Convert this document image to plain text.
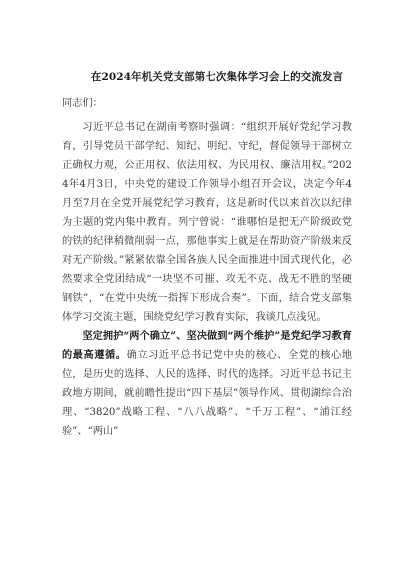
在2024年机关党支部第七次集体学习会上的交流发言

同志们：

习近平总书记在湖南考察时强调：“组织开展好党纪学习教育，引导党员干部学纪、知纪、明纪、守纪，督促领导干部树立正确权力观，公正用权、依法用权、为民用权、廉洁用权。”2024年4月3日，中央党的建设工作领导小组召开会议，决定今年4月至7月在全党开展党纪学习教育，这是新时代以来首次以纪律为主题的党内集中教育。列宁曾说：“谁哪怕是把无产阶级政党的铁的纪律稍微削弱一点，那他事实上就是在帮助资产阶级来反对无产阶级。”紧紧依靠全国各族人民全面推进中国式现代化，必然要求全党团结成“一块坚不可摧、攻无不克、战无不胜的坚硬钢铁”，“在党中央统一指挥下形成合奏”。下面，结合党支部集体学习交流主题，围绕党纪学习教育实际，我谈几点浅见。

坚定拥护“两个确立”、坚决做到“两个维护”是党纪学习教育的最高遵循。确立习近平总书记党中央的核心、全党的核心地位，是历史的选择、人民的选择、时代的选择。习近平总书记主政地方期间，就前瞻性提出“四下基层”领导作风、贯彻湖综合治理、“3820”战略工程、“八八战略”、“千万工程”、“浦江经验”、“两山”
